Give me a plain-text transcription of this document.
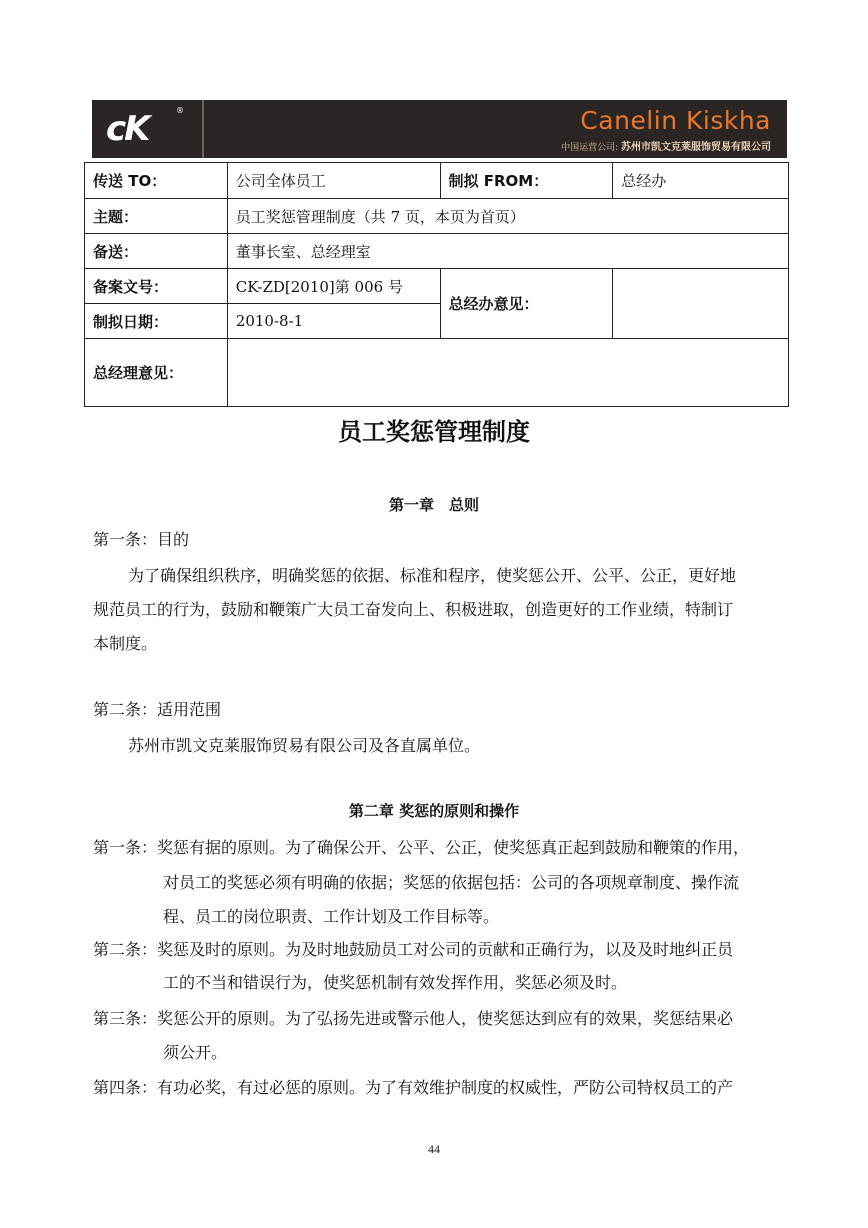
cK	®	Canelin Kiskha
中国运营公司: 苏州市凯文克莱服饰贸易有限公司
传送 TO：	公司全体员工	制拟 FROM：	总经办
主题：	员工奖惩管理制度（共 7 页，本页为首页）		
备送：	董事长室、总经理室		
备案文号：	CK-ZD[2010]第 006 号	总经办意见：	
制拟日期：	2010-8-1		
总经理意见：			
员工奖惩管理制度
第一章　总则
第一条：目的
为了确保组织秩序，明确奖惩的依据、标准和程序，使奖惩公开、公平、公正，更好地
规范员工的行为，鼓励和鞭策广大员工奋发向上、积极进取，创造更好的工作业绩，特制订
本制度。
第二条：适用范围
苏州市凯文克莱服饰贸易有限公司及各直属单位。
第二章 奖惩的原则和操作
第一条：奖惩有据的原则。为了确保公开、公平、公正，使奖惩真正起到鼓励和鞭策的作用，
对员工的奖惩必须有明确的依据；奖惩的依据包括：公司的各项规章制度、操作流
程、员工的岗位职责、工作计划及工作目标等。
第二条：奖惩及时的原则。为及时地鼓励员工对公司的贡献和正确行为，以及及时地纠正员
工的不当和错误行为，使奖惩机制有效发挥作用，奖惩必须及时。
第三条：奖惩公开的原则。为了弘扬先进或警示他人，使奖惩达到应有的效果，奖惩结果必
须公开。
第四条：有功必奖，有过必惩的原则。为了有效维护制度的权威性，严防公司特权员工的产
44
